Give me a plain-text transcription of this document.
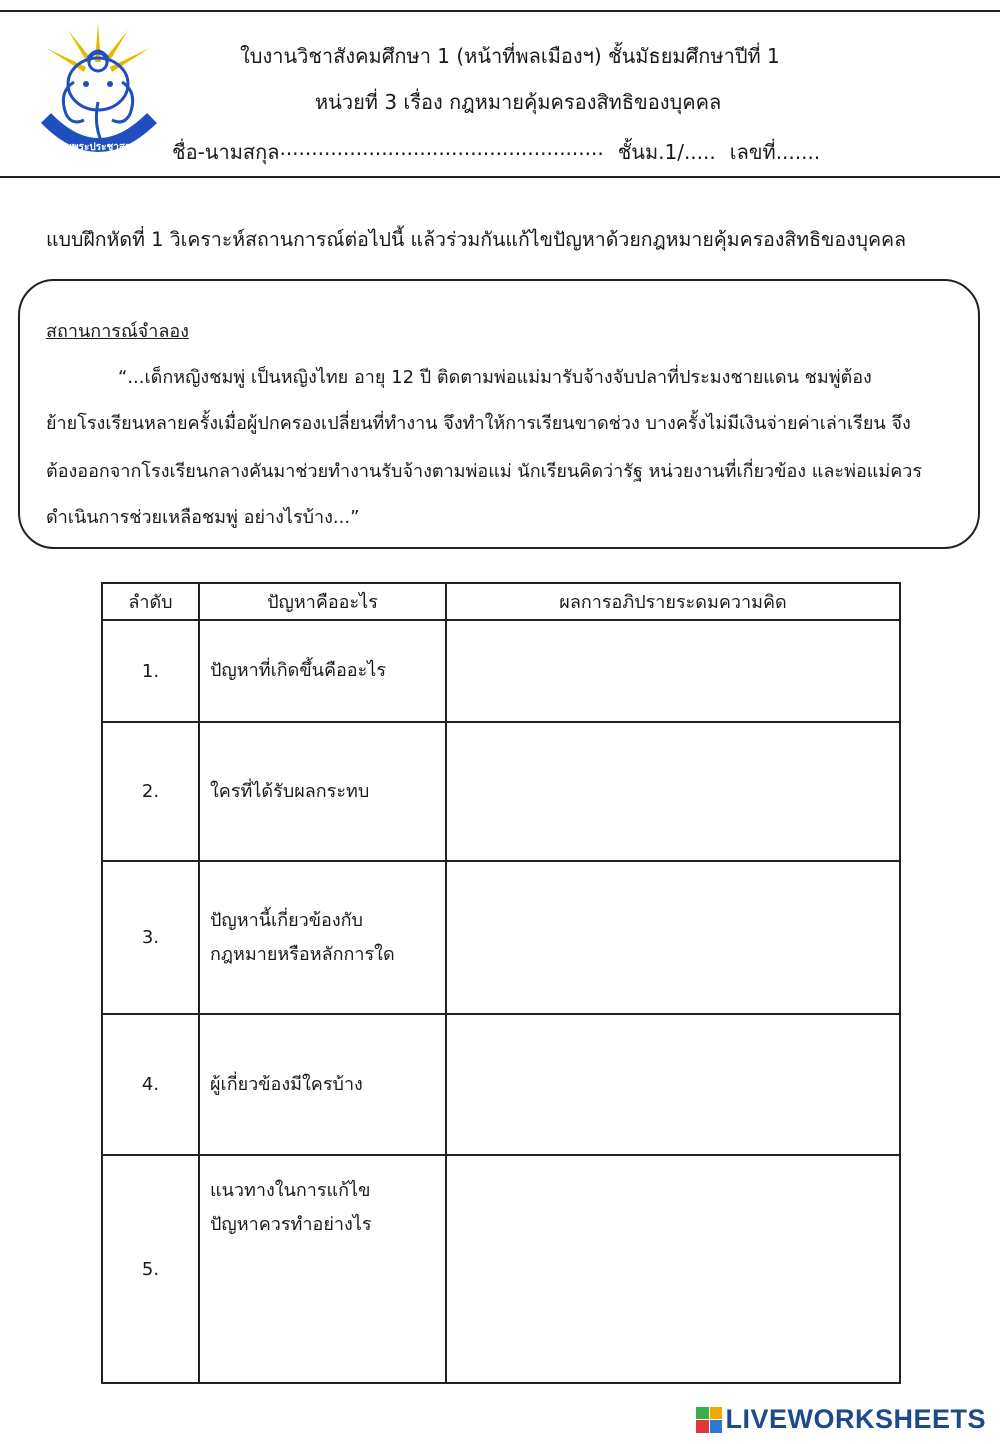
จอมพระประชาสรรค์
ใบงานวิชาสังคมศึกษา 1 (หน้าที่พลเมืองฯ) ชั้นมัธยมศึกษาปีที่ 1
หน่วยที่ 3 เรื่อง กฎหมายคุ้มครองสิทธิของบุคคล
ชื่อ-นามสกุล ................................................... ชั้นม.1/..... เลขที่.......
แบบฝึกหัดที่ 1 วิเคราะห์สถานการณ์ต่อไปนี้ แล้วร่วมกันแก้ไขปัญหาด้วยกฎหมายคุ้มครองสิทธิของบุคคล
สถานการณ์จำลอง
“...เด็กหญิงชมพู่ เป็นหญิงไทย อายุ 12 ปี ติดตามพ่อแม่มารับจ้างจับปลาที่ประมงชายแดน ชมพู่ต้อง
ย้ายโรงเรียนหลายครั้งเมื่อผู้ปกครองเปลี่ยนที่ทำงาน จึงทำให้การเรียนขาดช่วง บางครั้งไม่มีเงินจ่ายค่าเล่าเรียน จึง
ต้องออกจากโรงเรียนกลางคันมาช่วยทำงานรับจ้างตามพ่อแม่ นักเรียนคิดว่ารัฐ หน่วยงานที่เกี่ยวข้อง และพ่อแม่ควร
ดำเนินการช่วยเหลือชมพู่ อย่างไรบ้าง...”
ลำดับ	ปัญหาคืออะไร	ผลการอภิปรายระดมความคิด
1.	ปัญหาที่เกิดขึ้นคืออะไร	

2.	ใครที่ได้รับผลกระทบ	

3.	ปัญหานี้เกี่ยวข้องกับ
กฎหมายหรือหลักการใด	

4.	ผู้เกี่ยวข้องมีใครบ้าง	

5.	แนวทางในการแก้ไข
ปัญหาควรทำอย่างไร	

LIVEWORKSHEETS
